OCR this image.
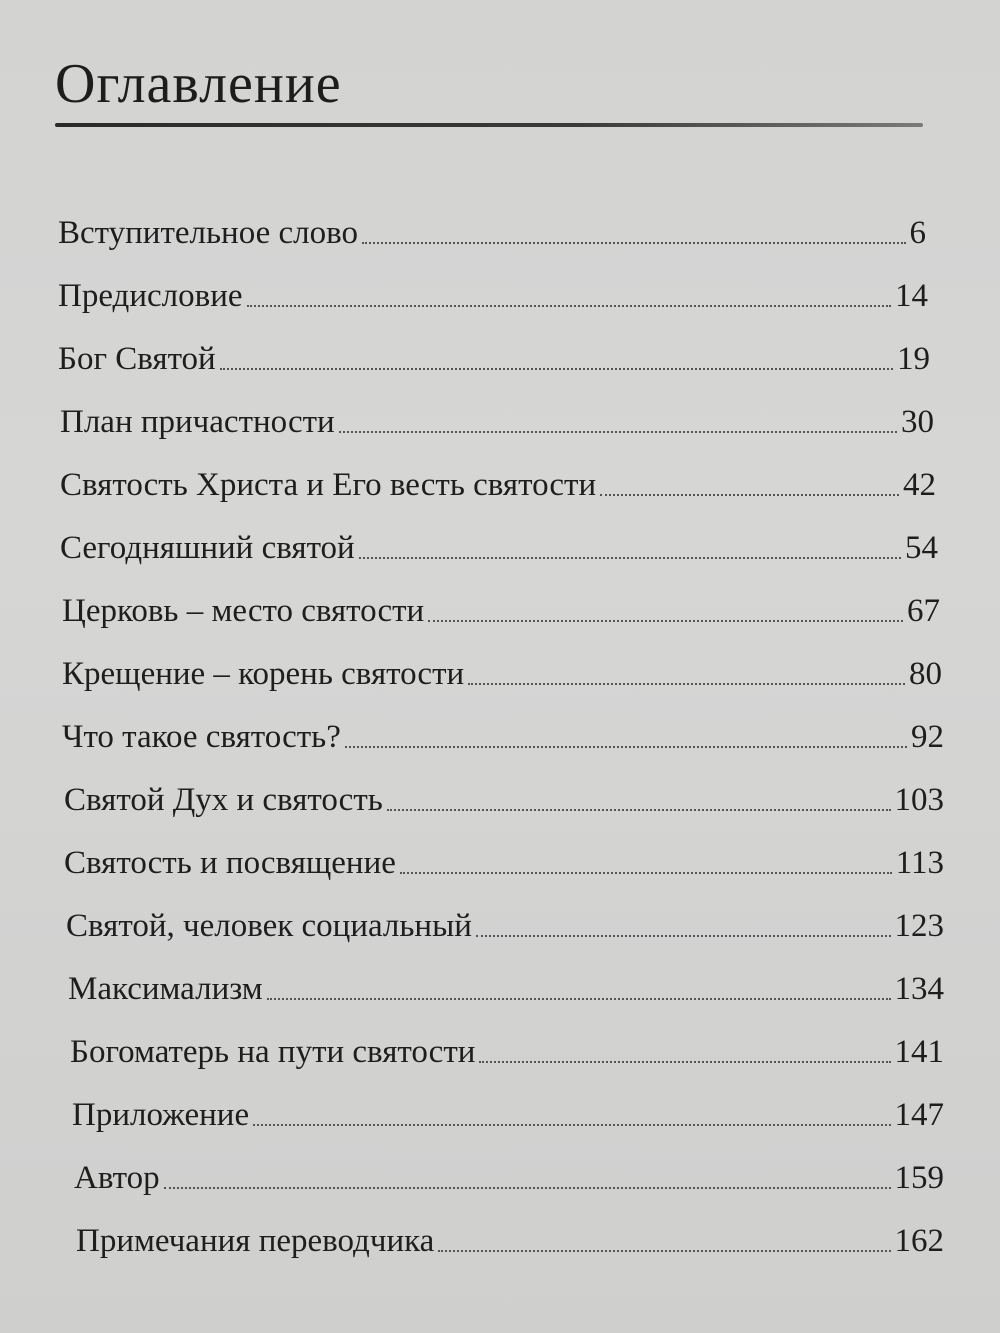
Оглавление
Вступительное слово	6
Предисловие	14
Бог Святой	19
План причастности	30
Святость Христа и Его весть святости	42
Сегодняшний святой	54
Церковь – место святости	67
Крещение – корень святости	80
Что такое святость?	92
Святой Дух и святость	103
Святость и посвящение	113
Святой, человек социальный	123
Максимализм	134
Богоматерь на пути святости	141
Приложение	147
Автор	159
Примечания переводчика	162
